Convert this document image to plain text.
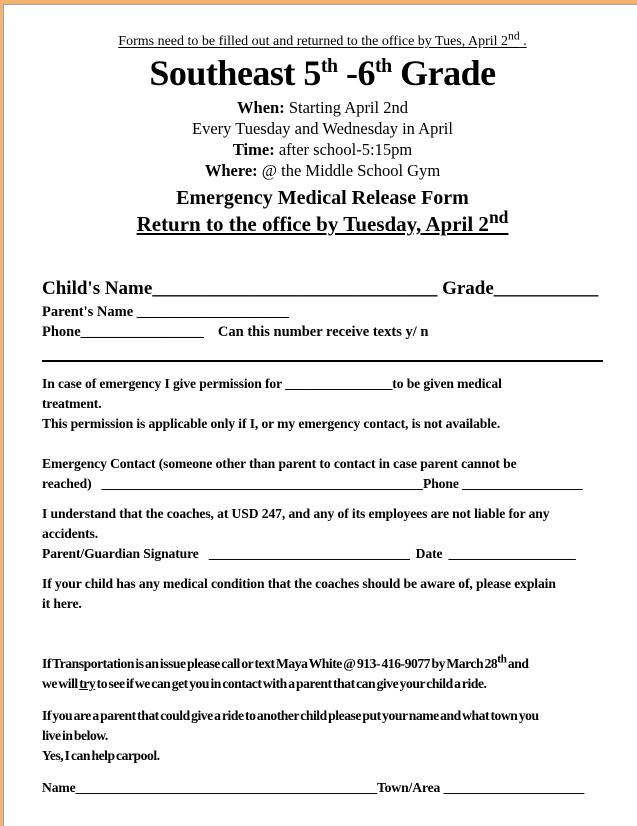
Forms need to be filled out and returned to the office by Tues, April 2nd .

Southeast 5th -6th Grade

When: Starting April 2nd

Every Tuesday and Wednesday in April

Time: after school-5:15pm

Where: @ the Middle School Gym

Emergency Medical Release Form

Return to the office by Tuesday, April 2nd

Child's Name______________________________ Grade___________

Parent's Name _____________________

Phone_________________ Can this number receive texts y/ n

In case of emergency I give permission for ________________to be given medical
treatment.
This permission is applicable only if I, or my emergency contact, is not available.
Emergency Contact (someone other than parent to contact in case parent cannot be
reached) ________________________________________________Phone __________________
I understand that the coaches, at USD 247, and any of its employees are not liable for any
accidents.
Parent/Guardian Signature ______________________________ Date ___________________
If your child has any medical condition that the coaches should be aware of, please explain
it here.
If Transportation is an issue please call or text Maya White @ 913- 416-9077 by March 28th and
we will try to see if we can get you in contact with a parent that can give your child a ride.
If you are a parent that could give a ride to another child please put your name and what town you
live in below.
Yes, I can help carpool.
Name_____________________________________________Town/Area _____________________
